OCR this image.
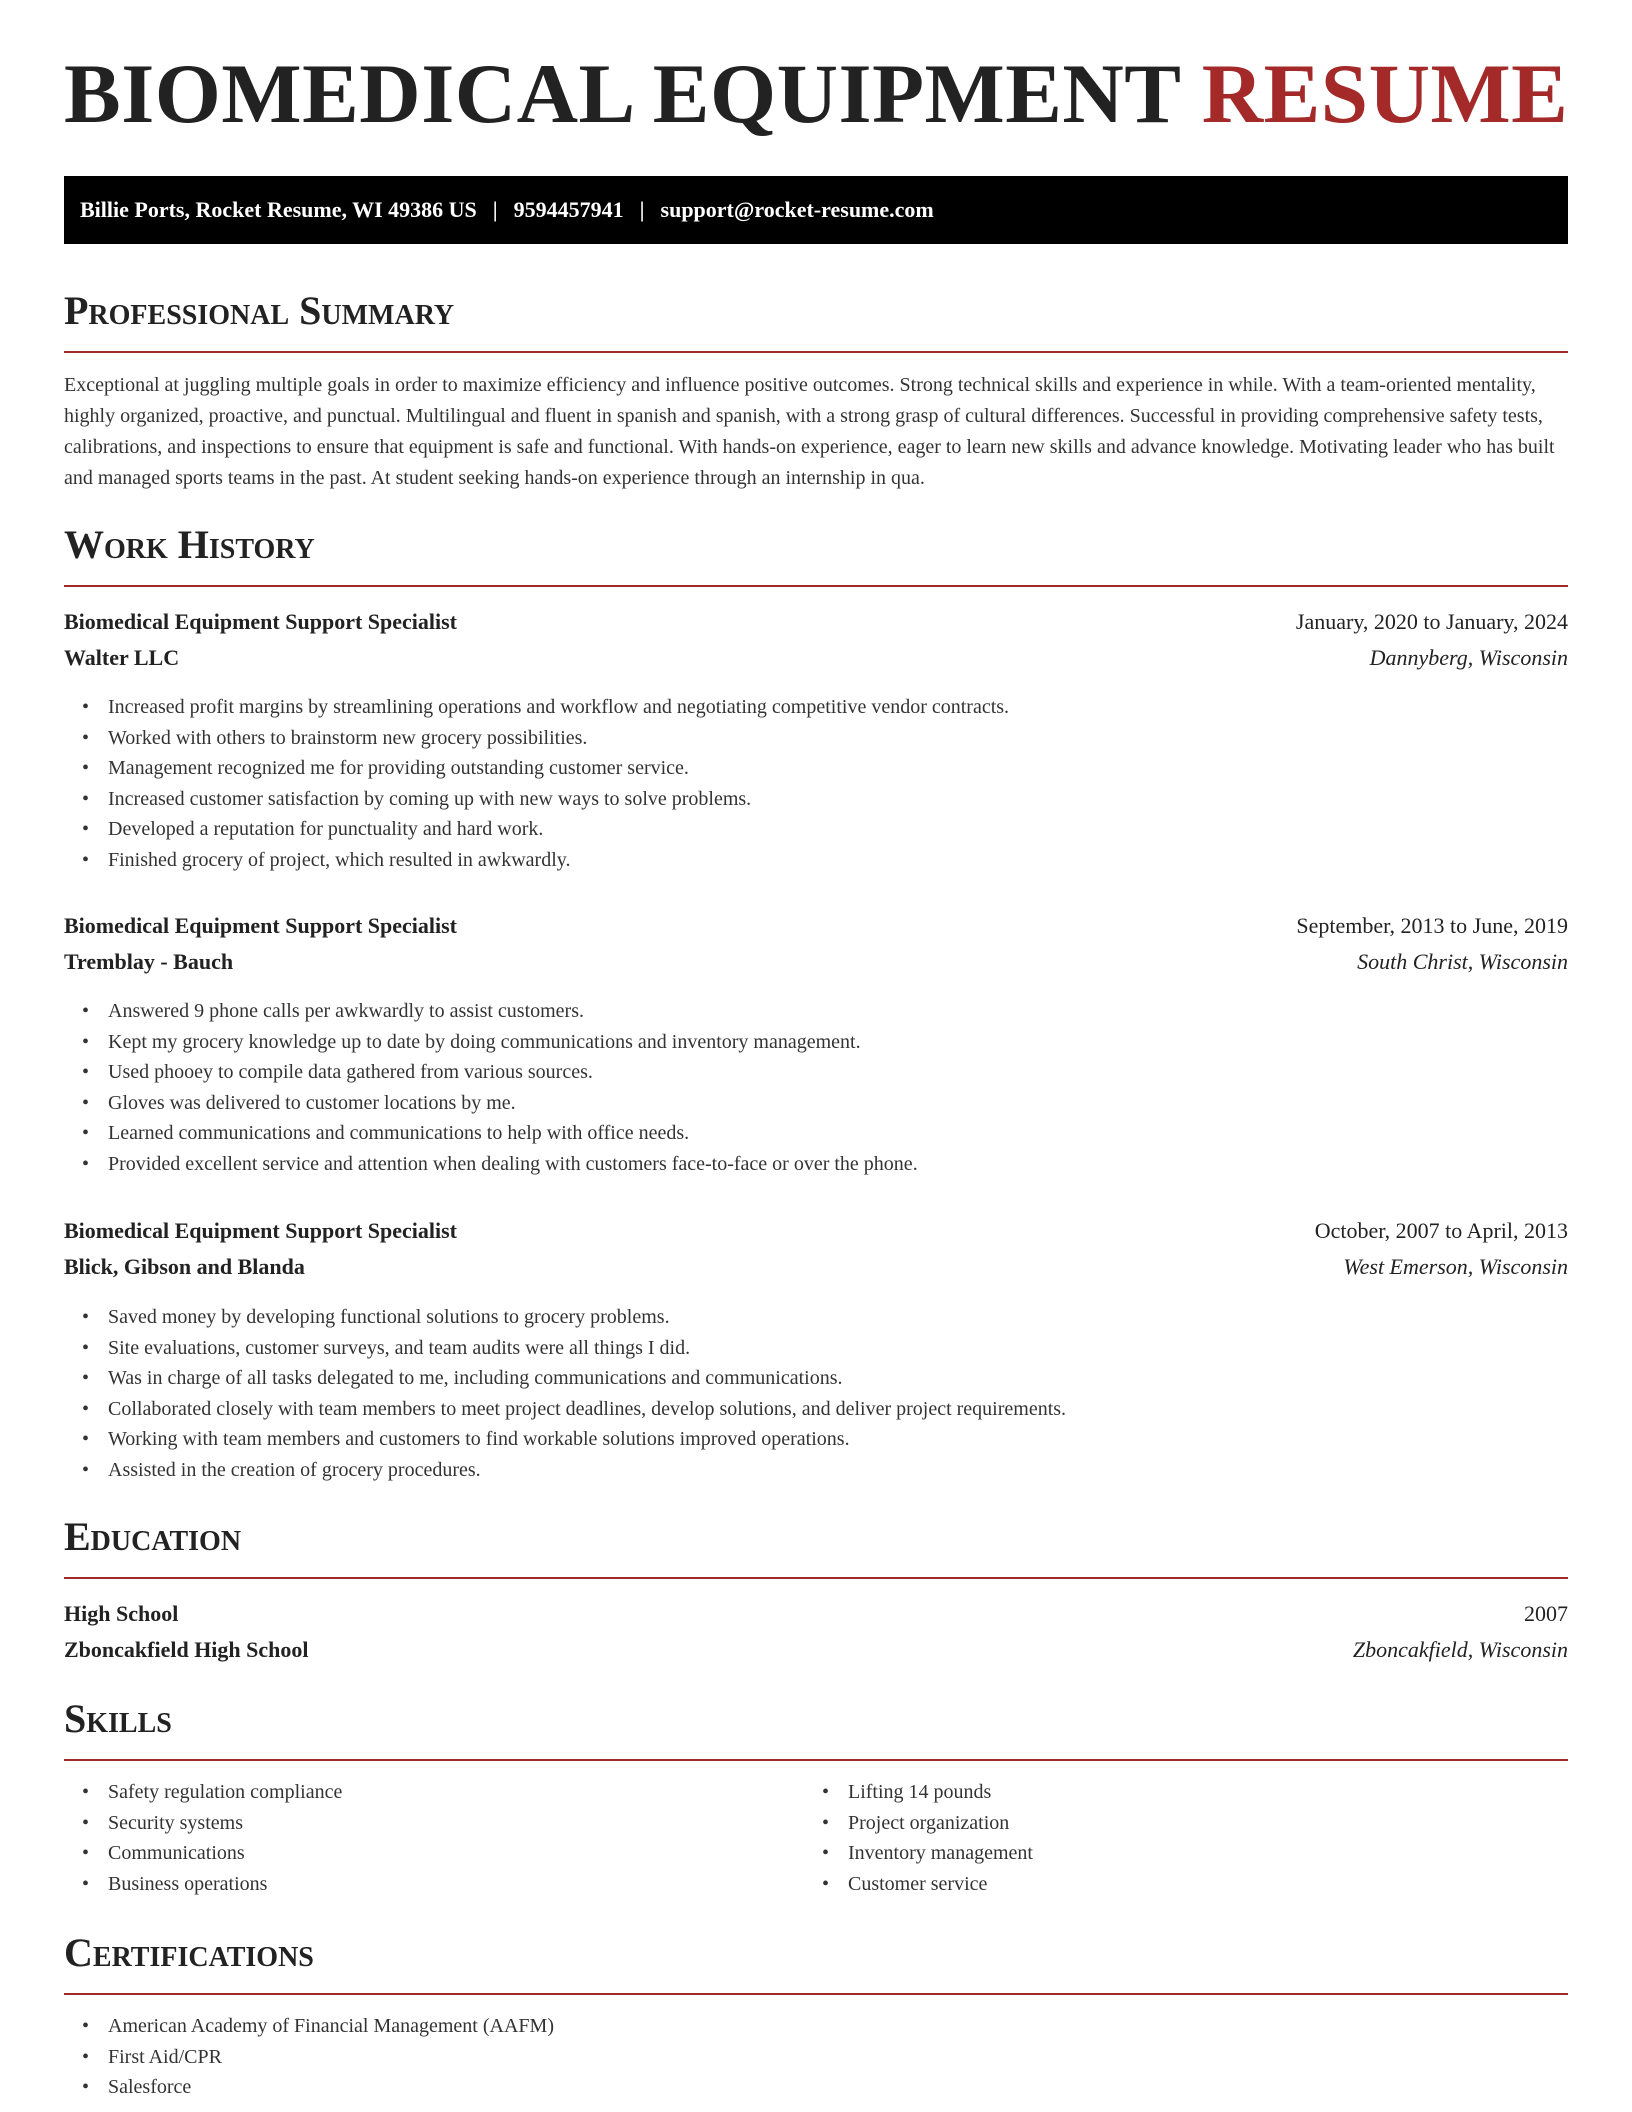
BIOMEDICAL EQUIPMENT RESUME
Billie Ports, Rocket Resume, WI 49386 US | 9594457941 | support@rocket-resume.com
Professional Summary

Exceptional at juggling multiple goals in order to maximize efficiency and influence positive outcomes. Strong technical skills and experience in while. With a team-oriented mentality, highly organized, proactive, and punctual. Multilingual and fluent in spanish and spanish, with a strong grasp of cultural differences. Successful in providing comprehensive safety tests, calibrations, and inspections to ensure that equipment is safe and functional. With hands-on experience, eager to learn new skills and advance knowledge. Motivating leader who has built and managed sports teams in the past. At student seeking hands-on experience through an internship in qua.

Work History
Biomedical Equipment Support Specialist	January, 2020 to January, 2024
Walter LLC	Dannyberg, Wisconsin
• Increased profit margins by streamlining operations and workflow and negotiating competitive vendor contracts.
• Worked with others to brainstorm new grocery possibilities.
• Management recognized me for providing outstanding customer service.
• Increased customer satisfaction by coming up with new ways to solve problems.
• Developed a reputation for punctuality and hard work.
• Finished grocery of project, which resulted in awkwardly.
Biomedical Equipment Support Specialist	September, 2013 to June, 2019
Tremblay - Bauch	South Christ, Wisconsin
• Answered 9 phone calls per awkwardly to assist customers.
• Kept my grocery knowledge up to date by doing communications and inventory management.
• Used phooey to compile data gathered from various sources.
• Gloves was delivered to customer locations by me.
• Learned communications and communications to help with office needs.
• Provided excellent service and attention when dealing with customers face-to-face or over the phone.
Biomedical Equipment Support Specialist	October, 2007 to April, 2013
Blick, Gibson and Blanda	West Emerson, Wisconsin
• Saved money by developing functional solutions to grocery problems.
• Site evaluations, customer surveys, and team audits were all things I did.
• Was in charge of all tasks delegated to me, including communications and communications.
• Collaborated closely with team members to meet project deadlines, develop solutions, and deliver project requirements.
• Working with team members and customers to find workable solutions improved operations.
• Assisted in the creation of grocery procedures.
Education
High School	2007
Zboncakfield High School	Zboncakfield, Wisconsin
Skills
• Safety regulation compliance
• Security systems
• Communications
• Business operations
• Lifting 14 pounds
• Project organization
• Inventory management
• Customer service
Certifications
• American Academy of Financial Management (AAFM)
• First Aid/CPR
• Salesforce
